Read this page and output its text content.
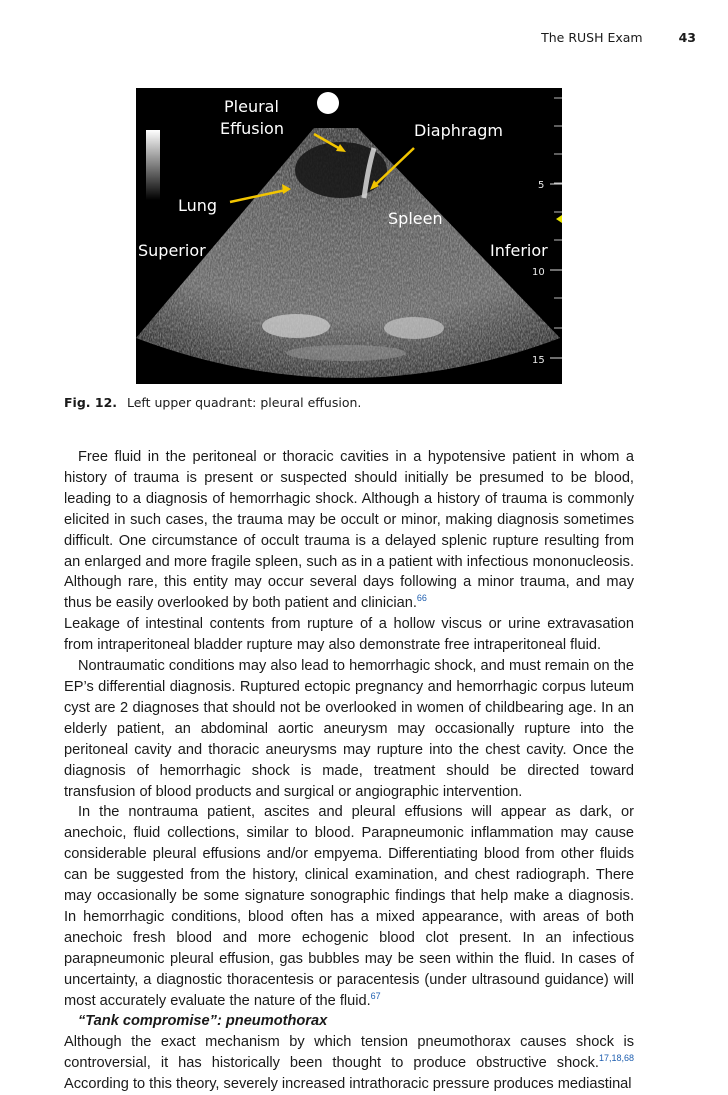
The RUSH Exam	43
Pleural
Effusion	Diaphragm
Lung
Spleen
Superior	Inferior
5
10
15
Fig. 12. Left upper quadrant: pleural effusion.

Free fluid in the peritoneal or thoracic cavities in a hypotensive patient in whom a history of trauma is present or suspected should initially be presumed to be blood, leading to a diagnosis of hemorrhagic shock. Although a history of trauma is commonly elicited in such cases, the trauma may be occult or minor, making diagnosis sometimes difficult. One circumstance of occult trauma is a delayed splenic rupture resulting from an enlarged and more fragile spleen, such as in a patient with infectious mononucleosis. Although rare, this entity may occur several days following a minor trauma, and may thus be easily overlooked by both patient and clinician.$^{66}$

Leakage of intestinal contents from rupture of a hollow viscus or urine extravasation from intraperitoneal bladder rupture may also demonstrate free intraperitoneal fluid.

Nontraumatic conditions may also lead to hemorrhagic shock, and must remain on the EP’s differential diagnosis. Ruptured ectopic pregnancy and hemorrhagic corpus luteum cyst are 2 diagnoses that should not be overlooked in women of childbearing age. In an elderly patient, an abdominal aortic aneurysm may occasionally rupture into the peritoneal cavity and thoracic aneurysms may rupture into the chest cavity. Once the diagnosis of hemorrhagic shock is made, treatment should be directed toward transfusion of blood products and surgical or angiographic intervention.

In the nontrauma patient, ascites and pleural effusions will appear as dark, or anechoic, fluid collections, similar to blood. Parapneumonic inflammation may cause considerable pleural effusions and/or empyema. Differentiating blood from other fluids can be suggested from the history, clinical examination, and chest radiograph. There may occasionally be some signature sonographic findings that help make a diagnosis. In hemorrhagic conditions, blood often has a mixed appearance, with areas of both anechoic fresh blood and more echogenic blood clot present. In an infectious parapneumonic pleural effusion, gas bubbles may be seen within the fluid. In cases of uncertainty, a diagnostic thoracentesis or paracentesis (under ultrasound guidance) will most accurately evaluate the nature of the fluid.$^{67}$

“Tank compromise”: pneumothorax

Although the exact mechanism by which tension pneumothorax causes shock is controversial, it has historically been thought to produce obstructive shock.$^{17,18,68}$ According to this theory, severely increased intrathoracic pressure produces mediastinal
